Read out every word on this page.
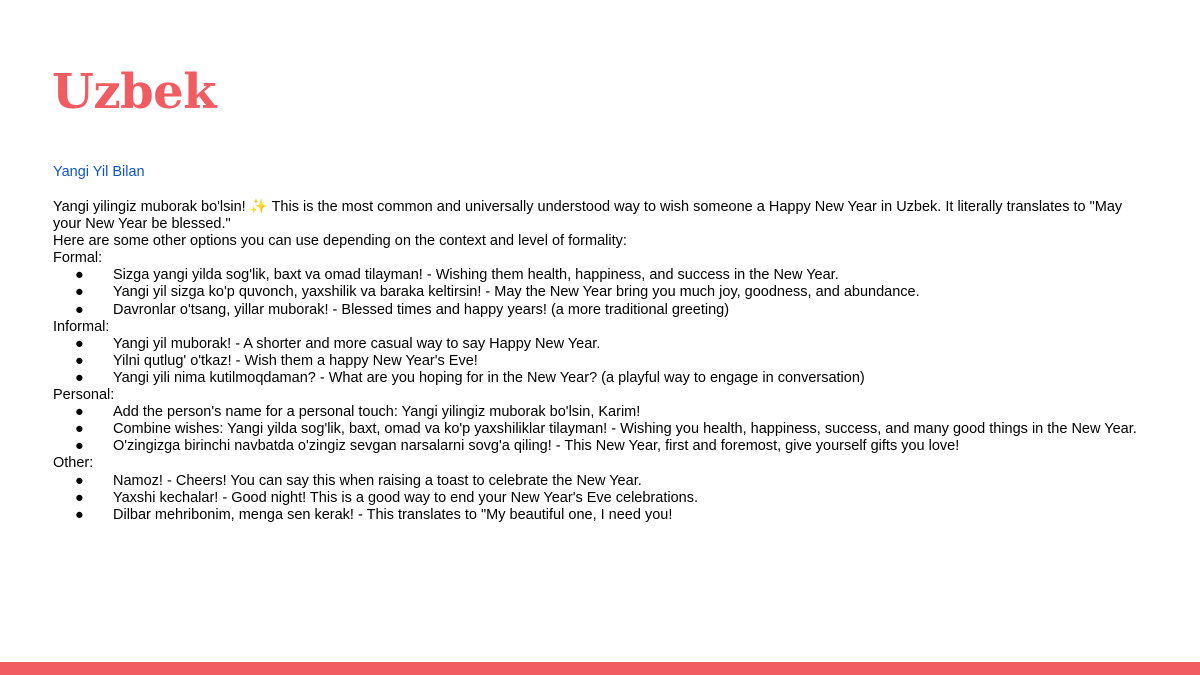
Uzbek
Yangi Yil Bilan

Yangi yilingiz muborak bo'lsin! ✨ This is the most common and universally understood way to wish someone a Happy New Year in Uzbek. It literally translates to "May your New Year be blessed."

Here are some other options you can use depending on the context and level of formality:

Formal:

● Sizga yangi yilda sog'lik, baxt va omad tilayman! - Wishing them health, happiness, and success in the New Year.
● Yangi yil sizga ko'p quvonch, yaxshilik va baraka keltirsin! - May the New Year bring you much joy, goodness, and abundance.
● Davronlar o'tsang, yillar muborak! - Blessed times and happy years! (a more traditional greeting)

Informal:

● Yangi yil muborak! - A shorter and more casual way to say Happy New Year.
● Yilni qutlug' o'tkaz! - Wish them a happy New Year's Eve!
● Yangi yili nima kutilmoqdaman? - What are you hoping for in the New Year? (a playful way to engage in conversation)

Personal:

● Add the person's name for a personal touch: Yangi yilingiz muborak bo'lsin, Karim!
● Combine wishes: Yangi yilda sog'lik, baxt, omad va ko'p yaxshiliklar tilayman! - Wishing you health, happiness, success, and many good things in the New Year.
● O'zingizga birinchi navbatda o'zingiz sevgan narsalarni sovg'a qiling! - This New Year, first and foremost, give yourself gifts you love!

Other:

● Namoz! - Cheers! You can say this when raising a toast to celebrate the New Year.
● Yaxshi kechalar! - Good night! This is a good way to end your New Year's Eve celebrations.
● Dilbar mehribonim, menga sen kerak! - This translates to "My beautiful one, I need you!
